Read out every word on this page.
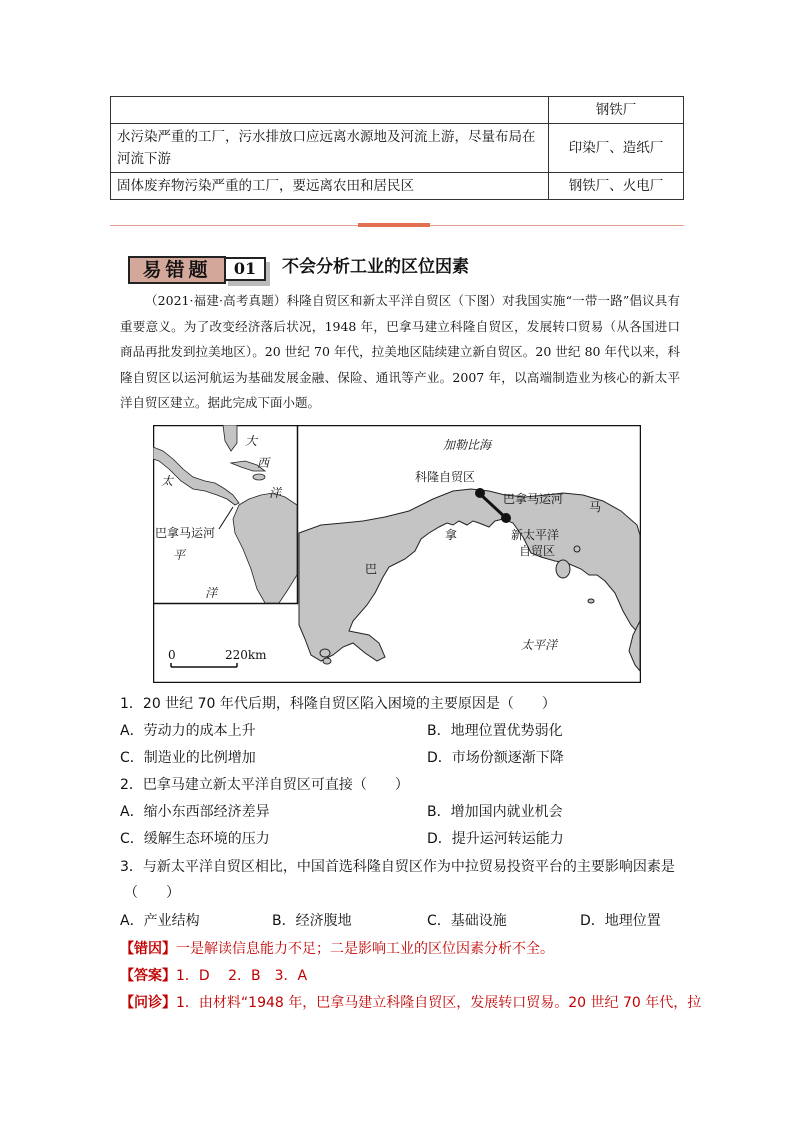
	钢铁厂
水污染严重的工厂，污水排放口应远离水源地及河流上游，尽量布局在河流下游	印染厂、造纸厂
固体废弃物污染严重的工厂，要远离农田和居民区	钢铁厂、火电厂
易错题	01	不会分析工业的区位因素
（2021·福建·高考真题）科隆自贸区和新太平洋自贸区（下图）对我国实施“一带一路”倡议具有重要意义。为了改变经济落后状况，1948 年，巴拿马建立科隆自贸区，发展转口贸易（从各国进口商品再批发到拉美地区）。20 世纪 70 年代，拉美地区陆续建立新自贸区。20 世纪 80 年代以来，科隆自贸区以运河航运为基础发展金融、保险、通讯等产业。2007 年，以高端制造业为核心的新太平洋自贸区建立。据此完成下面小题。
大
西
洋
太
平
洋
巴拿马运河
加勒比海
科隆自贸区
巴拿马运河
新太平洋
自贸区
巴
拿
马
太平洋
0	220km
1．20 世纪 70 年代后期，科隆自贸区陷入困境的主要原因是（　　）
A．劳动力的成本上升	B．地理位置优势弱化
C．制造业的比例增加	D．市场份额逐渐下降
2．巴拿马建立新太平洋自贸区可直接（　　）
A．缩小东西部经济差异	B．增加国内就业机会
C．缓解生态环境的压力	D．提升运河转运能力
3．与新太平洋自贸区相比，中国首选科隆自贸区作为中拉贸易投资平台的主要影响因素是
（　　）
A．产业结构	B．经济腹地	C．基础设施	D．地理位置
【错因】一是解读信息能力不足；二是影响工业的区位因素分析不全。
【答案】1．D　 2．B　3．A
【问诊】1．由材料“1948 年，巴拿马建立科隆自贸区，发展转口贸易。20 世纪 70 年代，拉
